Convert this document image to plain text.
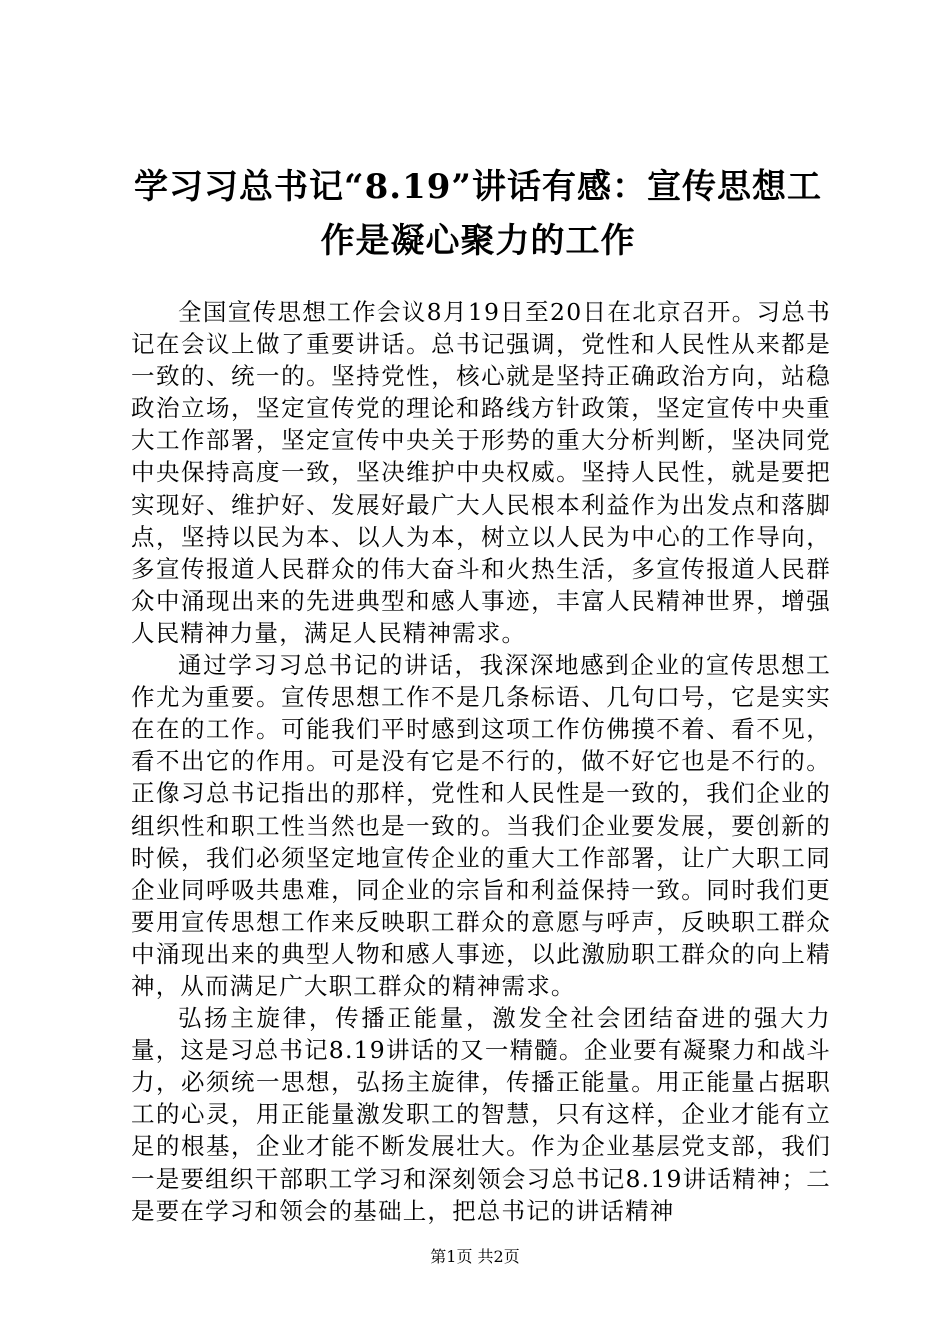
学习习总书记“8.19”讲话有感：宣传思想工作是凝心聚力的工作

全国宣传思想工作会议8月19日至20日在北京召开。习总书记在会议上做了重要讲话。总书记强调，党性和人民性从来都是一致的、统一的。坚持党性，核心就是坚持正确政治方向，站稳政治立场，坚定宣传党的理论和路线方针政策，坚定宣传中央重大工作部署，坚定宣传中央关于形势的重大分析判断，坚决同党中央保持高度一致，坚决维护中央权威。坚持人民性，就是要把实现好、维护好、发展好最广大人民根本利益作为出发点和落脚点，坚持以民为本、以人为本，树立以人民为中心的工作导向，多宣传报道人民群众的伟大奋斗和火热生活，多宣传报道人民群众中涌现出来的先进典型和感人事迹，丰富人民精神世界，增强人民精神力量，满足人民精神需求。

通过学习习总书记的讲话，我深深地感到企业的宣传思想工作尤为重要。宣传思想工作不是几条标语、几句口号，它是实实在在的工作。可能我们平时感到这项工作仿佛摸不着、看不见，看不出它的作用。可是没有它是不行的，做不好它也是不行的。正像习总书记指出的那样，党性和人民性是一致的，我们企业的组织性和职工性当然也是一致的。当我们企业要发展，要创新的时候，我们必须坚定地宣传企业的重大工作部署，让广大职工同企业同呼吸共患难，同企业的宗旨和利益保持一致。同时我们更要用宣传思想工作来反映职工群众的意愿与呼声，反映职工群众中涌现出来的典型人物和感人事迹，以此激励职工群众的向上精神，从而满足广大职工群众的精神需求。

弘扬主旋律，传播正能量，激发全社会团结奋进的强大力量，这是习总书记8.19讲话的又一精髓。企业要有凝聚力和战斗力，必须统一思想，弘扬主旋律，传播正能量。用正能量占据职工的心灵，用正能量激发职工的智慧，只有这样，企业才能有立足的根基，企业才能不断发展壮大。作为企业基层党支部，我们一是要组织干部职工学习和深刻领会习总书记8.19讲话精神；二是要在学习和领会的基础上，把总书记的讲话精神

第1页 共2页
